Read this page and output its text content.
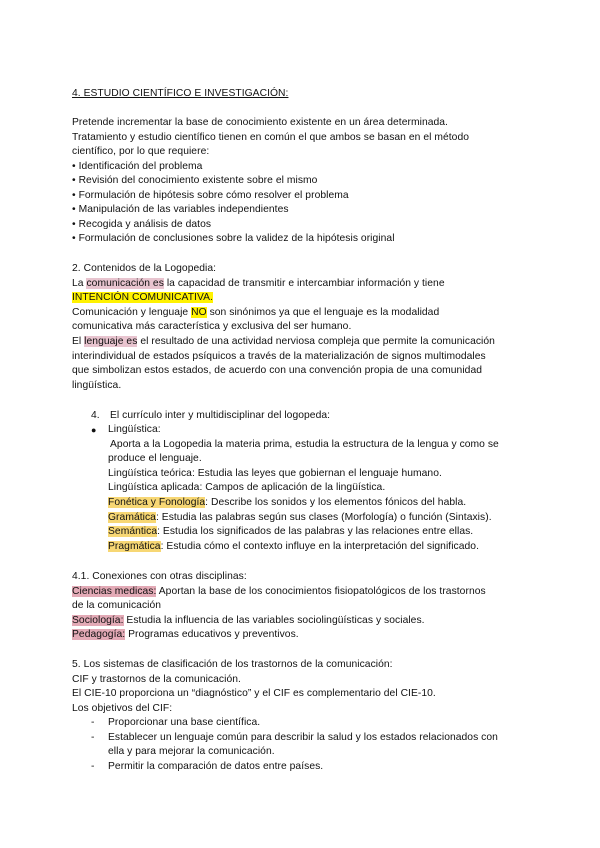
4. ESTUDIO CIENTÍFICO E INVESTIGACIÓN:
Pretende incrementar la base de conocimiento existente en un área determinada.
Tratamiento y estudio científico tienen en común el que ambos se basan en el método
científico, por lo que requiere:
• Identificación del problema
• Revisión del conocimiento existente sobre el mismo
• Formulación de hipótesis sobre cómo resolver el problema
• Manipulación de las variables independientes
• Recogida y análisis de datos
• Formulación de conclusiones sobre la validez de la hipótesis original
2. Contenidos de la Logopedia:
La comunicación es la capacidad de transmitir e intercambiar información y tiene
INTENCIÓN COMUNICATIVA.
Comunicación y lenguaje NO son sinónimos ya que el lenguaje es la modalidad
comunicativa más característica y exclusiva del ser humano.
El lenguaje es el resultado de una actividad nerviosa compleja que permite la comunicación
interindividual de estados psíquicos a través de la materialización de signos multimodales
que simbolizan estos estados, de acuerdo con una convención propia de una comunidad
lingüística.
4. El currículo inter y multidisciplinar del logopeda:
● Lingüística:
Aporta a la Logopedia la materia prima, estudia la estructura de la lengua y como se
produce el lenguaje.
Lingüística teórica: Estudia las leyes que gobiernan el lenguaje humano.
Lingüística aplicada: Campos de aplicación de la lingüística.
Fonética y Fonología: Describe los sonidos y los elementos fónicos del habla.
Gramática: Estudia las palabras según sus clases (Morfología) o función (Sintaxis).
Semántica: Estudia los significados de las palabras y las relaciones entre ellas.
Pragmática: Estudia cómo el contexto influye en la interpretación del significado.
4.1. Conexiones con otras disciplinas:
Ciencias medicas: Aportan la base de los conocimientos fisiopatológicos de los trastornos
de la comunicación
Sociología: Estudia la influencia de las variables sociolingüísticas y sociales.
Pedagogía: Programas educativos y preventivos.
5. Los sistemas de clasificación de los trastornos de la comunicación:
CIF y trastornos de la comunicación.
El CIE-10 proporciona un “diagnóstico” y el CIF es complementario del CIE-10.
Los objetivos del CIF:
- Proporcionar una base científica.
- Establecer un lenguaje común para describir la salud y los estados relacionados con
ella y para mejorar la comunicación.
- Permitir la comparación de datos entre países.
